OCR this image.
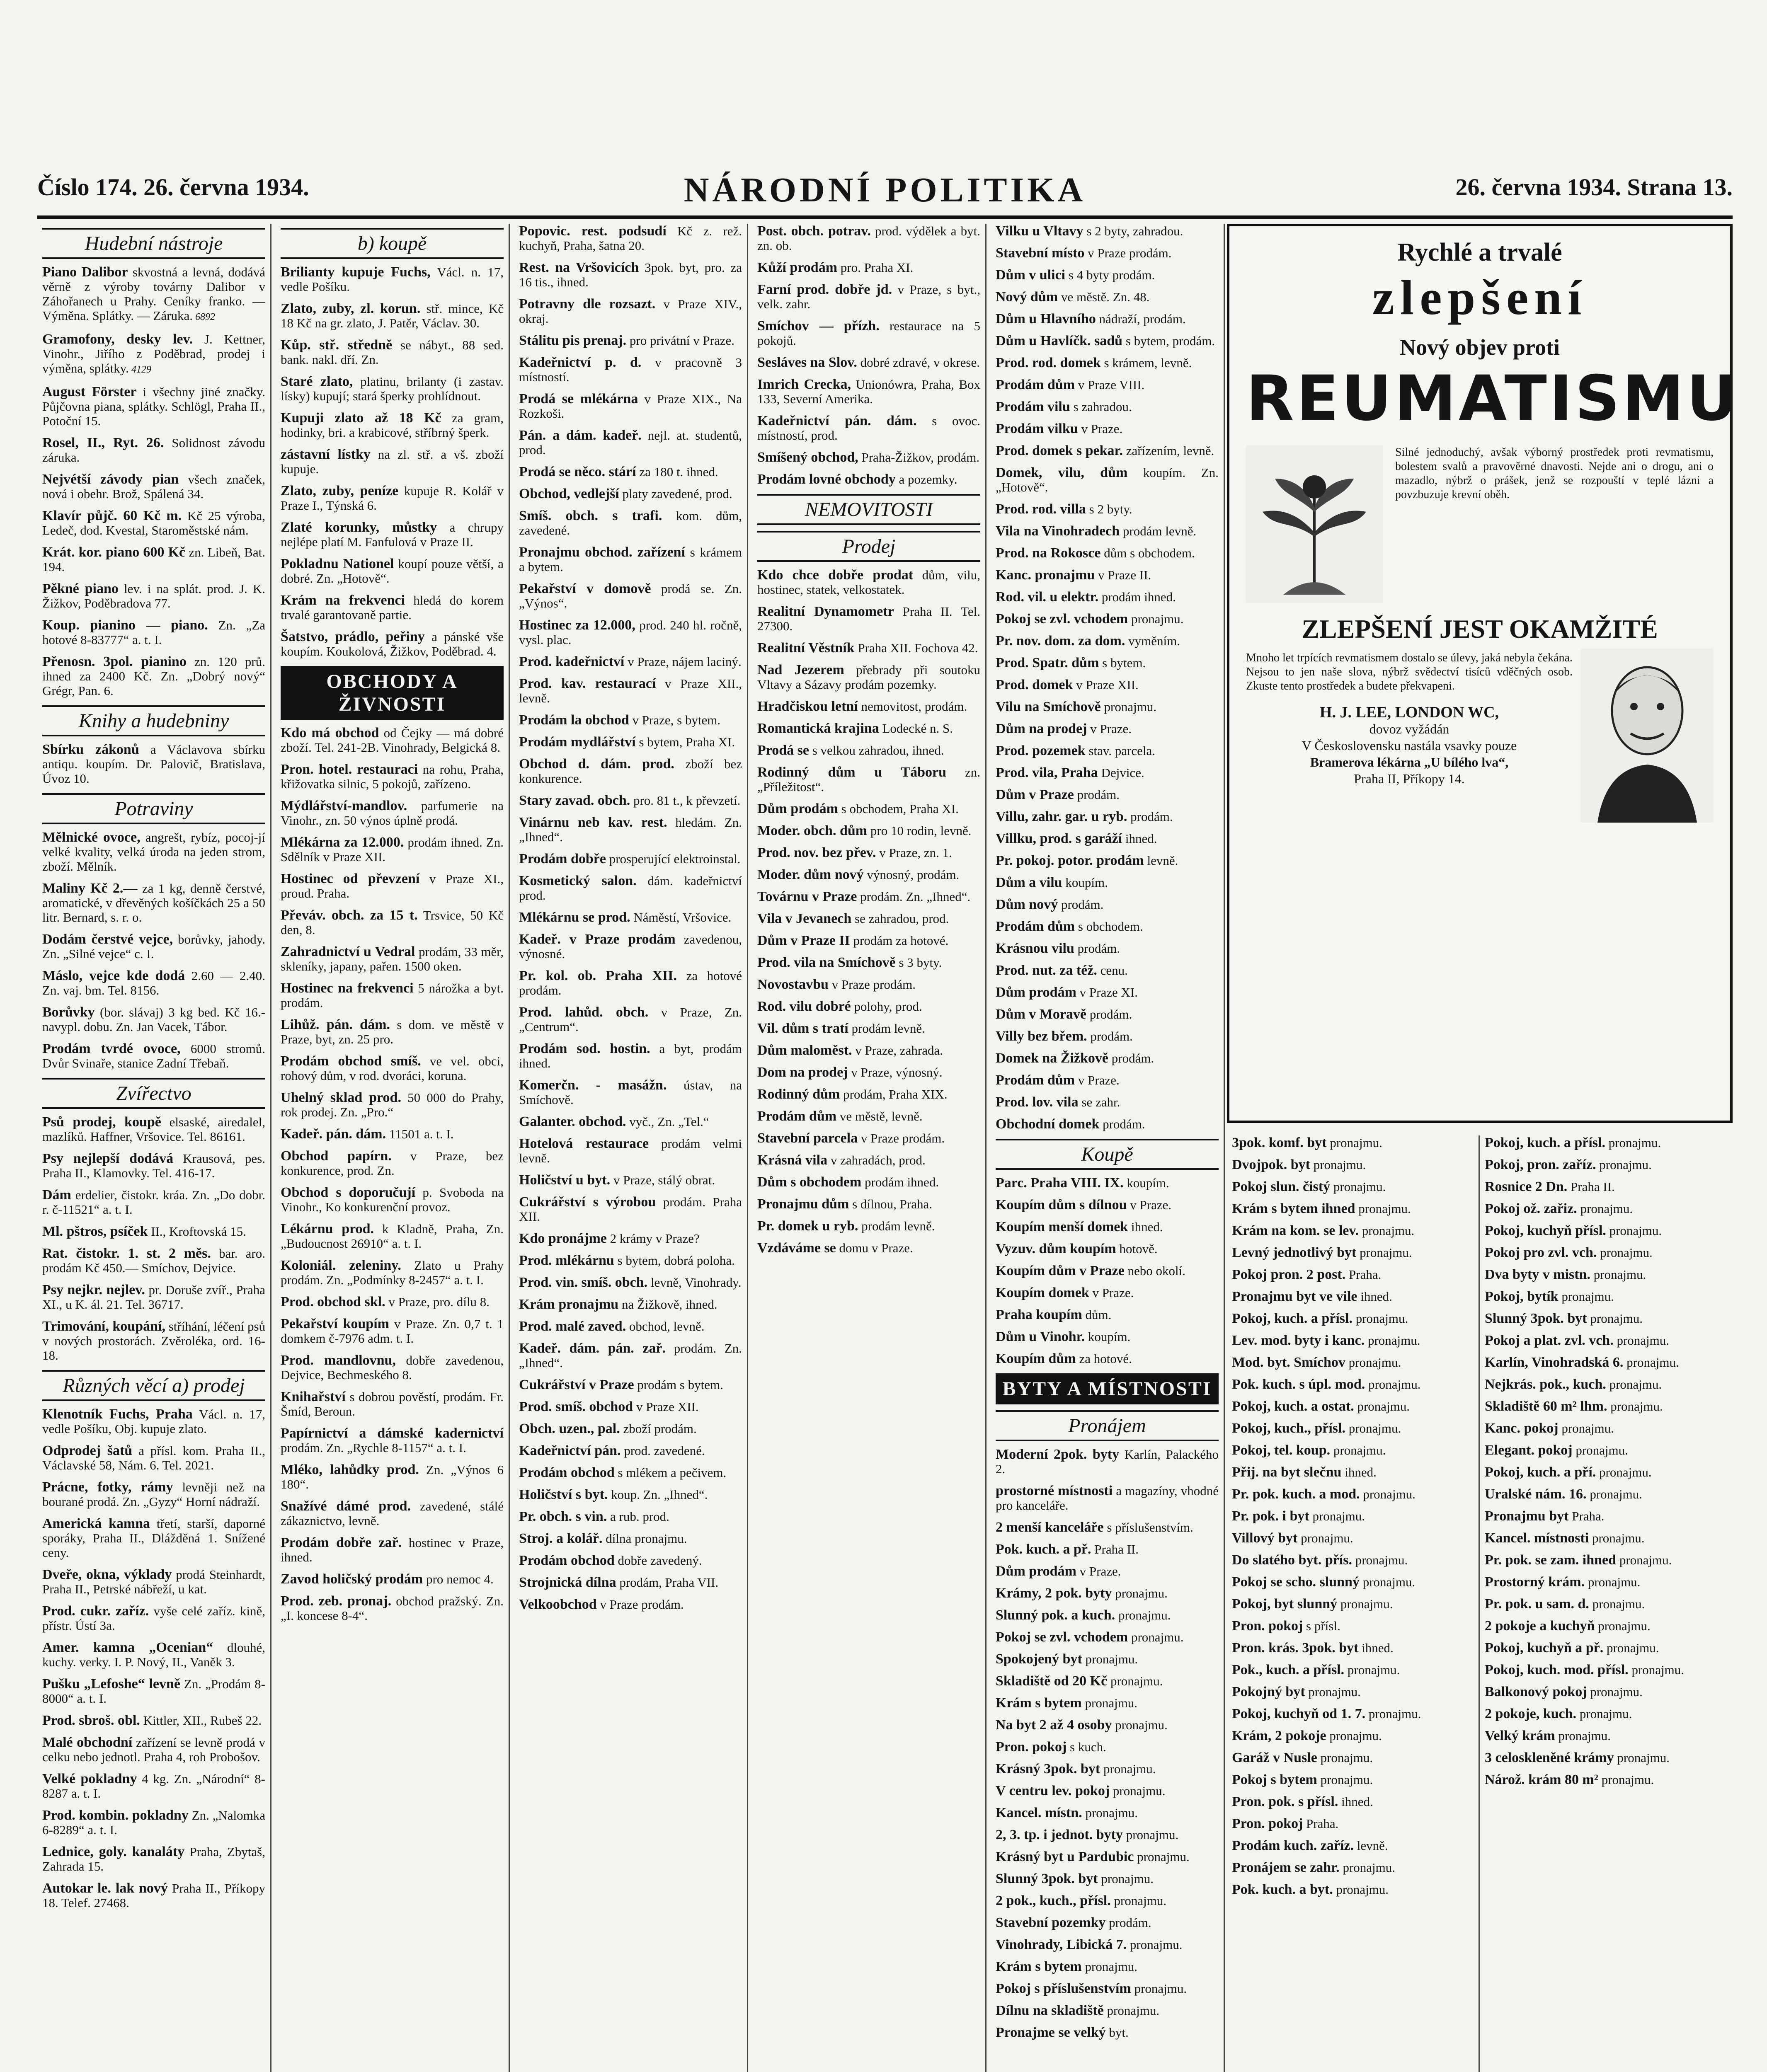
Číslo 174. 26. června 1934.	NÁRODNÍ POLITIKA	26. června 1934. Strana 13.
Hudební nástroje
Piano Dalibor skvostná a levná, dodává věrně z výroby továrny Dalibor v Záhořanech u Prahy. Ceníky franko. — Výměna. Splátky. — Záruka. 6892
Gramofony, desky lev. J. Kettner, Vinohr., Jiřího z Poděbrad, prodej i výměna, splátky. 4129
August Förster i všechny jiné značky. Půjčovna piana, splátky. Schlögl, Praha II., Potoční 15.
Rosel, II., Ryt. 26. Solidnost závodu záruka.
Nejvétší závody pian všech značek, nová i obehr. Brož, Spálená 34.
Klavír půjč. 60 Kč m. Kč 25 výroba, Ledeč, dod. Kvestal, Staroměstské nám.
Krát. kor. piano 600 Kč zn. Libeň, Bat. 194.
Pěkné piano lev. i na splát. prod. J. K. Žižkov, Poděbradova 77.
Koup. pianino — piano. Zn. „Za hotové 8-83777“ a. t. I.
Přenosn. 3pol. pianino zn. 120 prů. ihned za 2400 Kč. Zn. „Dobrý nový“ Grégr, Pan. 6.
Knihy a hudebniny
Sbírku zákonů a Václavova sbírku antiqu. koupím. Dr. Palovič, Bratislava, Úvoz 10.
Potraviny
Mělnické ovoce, angrešt, rybíz, pocoj-jí velké kvality, velká úroda na jeden strom, zboží. Mělník.
Maliny Kč 2.— za 1 kg, denně čerstvé, aromatické, v dřevěných košíčkách 25 a 50 litr. Bernard, s. r. o.
Dodám čerstvé vejce, borůvky, jahody. Zn. „Silné vejce“ c. I.
Máslo, vejce kde dodá 2.60 — 2.40. Zn. vaj. bm. Tel. 8156.
Borůvky (bor. slávaj) 3 kg bed. Kč 16.- navypl. dobu. Zn. Jan Vacek, Tábor.
Prodám tvrdé ovoce, 6000 stromů. Dvůr Svinaře, stanice Zadní Třebaň.
Zvířectvo
Psů prodej, koupě elsaské, airedalel, mazlíků. Haffner, Vršovice. Tel. 86161.
Psy nejlepší dodává Krausová, pes. Praha II., Klamovky. Tel. 416-17.
Dám erdelier, čistokr. kráa. Zn. „Do dobr. r. č-11521“ a. t. I.
Ml. pštros, psíček II., Kroftovská 15.
Rat. čistokr. 1. st. 2 měs. bar. aro. prodám Kč 450.— Smíchov, Dejvice.
Psy nejkr. nejlev. pr. Doruše zvíř., Praha XI., u K. ál. 21. Tel. 36717.
Trimování, koupání, stříhání, léčení psů v nových prostorách. Zvěroléka, ord. 16-18.
Různých věcí a) prodej
Klenotník Fuchs, Praha Václ. n. 17, vedle Pošíku, Obj. kupuje zlato.
Odprodej šatů a přísl. kom. Praha II., Václavské 58, Nám. 6. Tel. 2021.
Prácne, fotky, rámy levněji než na bourané prodá. Zn. „Gyzy“ Horní nádraží.
Americká kamna třetí, starší, daporné sporáky, Praha II., Dlážděná 1. Snížené ceny.
Dveře, okna, výklady prodá Steinhardt, Praha II., Petrské nábřeží, u kat.
Prod. cukr. zaříz. vyše celé zaříz. kině, přístr. Ústí 3a.
Amer. kamna „Ocenian“ dlouhé, kuchy. verky. I. P. Nový, II., Vaněk 3.
Pušku „Lefoshe“ levně Zn. „Prodám 8-8000“ a. t. I.
Prod. sbroš. obl. Kittler, XII., Rubeš 22.
Malé obchodní zařízení se levně prodá v celku nebo jednotl. Praha 4, roh Probošov.
Velké pokladny 4 kg. Zn. „Národní“ 8-8287 a. t. I.
Prod. kombin. pokladny Zn. „Nalomka 6-8289“ a. t. I.
Lednice, goly. kanaláty Praha, Zbytaš, Zahrada 15.
Autokar le. lak nový Praha II., Příkopy 18. Telef. 27468.
b) koupě
Brilianty kupuje Fuchs, Václ. n. 17, vedle Pošíku.
Zlato, zuby, zl. korun. stř. mince, Kč 18 Kč na gr. zlato, J. Patěr, Václav. 30.
Kůp. stř. středně se nábyt., 88 sed. bank. nakl. dří. Zn.
Staré zlato, platinu, brilanty (i zastav. lísky) kupují; stará šperky prohlídnout.
Kupuji zlato až 18 Kč za gram, hodinky, bri. a krabicové, stříbrný šperk.
zástavní lístky na zl. stř. a vš. zboží kupuje.
Zlato, zuby, peníze kupuje R. Kolář v Praze I., Týnská 6.
Zlaté korunky, můstky a chrupy nejlépe platí M. Fanfulová v Praze II.
Pokladnu Nationel koupí pouze větší, a dobré. Zn. „Hotově“.
Krám na frekvenci hledá do korem trvalé garantovaně partie.
Šatstvo, prádlo, peřiny a pánské vše koupím. Koukolová, Žižkov, Poděbrad. 4.
OBCHODY A ŽIVNOSTI
Kdo má obchod od Čejky — má dobré zboží. Tel. 241-2B. Vinohrady, Belgická 8.
Pron. hotel. restauraci na rohu, Praha, křižovatka silnic, 5 pokojů, zařízeno.
Mýdlářství-mandlov. parfumerie na Vinohr., zn. 50 výnos úplně prodá.
Mlékárna za 12.000. prodám ihned. Zn. Sdělník v Praze XII.
Hostinec od převzení v Praze XI., proud. Praha.
Převáv. obch. za 15 t. Trsvice, 50 Kč den, 8.
Zahradnictví u Vedral prodám, 33 měr, skleníky, japany, pařen. 1500 oken.
Hostinec na frekvenci 5 nárožka a byt. prodám.
Lihůž. pán. dám. s dom. ve městě v Praze, byt, zn. 25 pro.
Prodám obchod smíš. ve vel. obci, rohový dům, v rod. dvoráci, koruna.
Uhelný sklad prod. 50 000 do Prahy, rok prodej. Zn. „Pro.“
Kadeř. pán. dám. 11501 a. t. I.
Obchod papírn. v Praze, bez konkurence, prod. Zn.
Obchod s doporučují p. Svoboda na Vinohr., Ko konkurenční provoz.
Lékárnu prod. k Kladně, Praha, Zn. „Budoucnost 26910“ a. t. I.
Koloniál. zeleniny. Zlato u Prahy prodám. Zn. „Podmínky 8-2457“ a. t. I.
Prod. obchod skl. v Praze, pro. dílu 8.
Pekařství koupím v Praze. Zn. 0,7 t. 1 domkem č-7976 adm. t. I.
Prod. mandlovnu, dobře zavedenou, Dejvice, Bechmeského 8.
Knihařství s dobrou pověstí, prodám. Fr. Šmíd, Beroun.
Papírnictví a dámské kadernictví prodám. Zn. „Rychle 8-1157“ a. t. I.
Mléko, lahůdky prod. Zn. „Výnos 6 180“.
Snažívé dámé prod. zavedené, stálé zákaznictvo, levně.
Prodám dobře zař. hostinec v Praze, ihned.
Zavod holičský prodám pro nemoc 4.
Prod. zeb. pronaj. obchod pražský. Zn. „I. koncese 8-4“.
Popovic. rest. podsudí Kč z. rež. kuchyň, Praha, šatna 20.
Rest. na Vršovicích 3pok. byt, pro. za 16 tis., ihned.
Potravny dle rozsazt. v Praze XIV., okraj.
Stálitu pis prenaj. pro privátní v Praze.
Kadeřnictví p. d. v pracovně 3 místností.
Prodá se mlékárna v Praze XIX., Na Rozkoši.
Pán. a dám. kadeř. nejl. at. studentů, prod.
Prodá se něco. stárí za 180 t. ihned.
Obchod, vedlejší platy zavedené, prod.
Smíš. obch. s trafi. kom. dům, zavedené.
Pronajmu obchod. zařízení s krámem a bytem.
Pekařství v domově prodá se. Zn. „Výnos“.
Hostinec za 12.000, prod. 240 hl. ročně, vysl. plac.
Prod. kadeřnictví v Praze, nájem laciný.
Prod. kav. restaurací v Praze XII., levně.
Prodám la obchod v Praze, s bytem.
Prodám mydlářství s bytem, Praha XI.
Obchod d. dám. prod. zboží bez konkurence.
Stary zavad. obch. pro. 81 t., k převzetí.
Vinárnu neb kav. rest. hledám. Zn. „Ihned“.
Prodám dobře prosperující elektroinstal.
Kosmetický salon. dám. kadeřnictví prod.
Mlékárnu se prod. Náměstí, Vršovice.
Kadeř. v Praze prodám zavedenou, výnosné.
Pr. kol. ob. Praha XII. za hotové prodám.
Prod. lahůd. obch. v Praze, Zn. „Centrum“.
Prodám sod. hostin. a byt, prodám ihned.
Komerčn. - masážn. ústav, na Smíchově.
Galanter. obchod. vyč., Zn. „Tel.“
Hotelová restaurace prodám velmi levně.
Holičství u byt. v Praze, stálý obrat.
Cukrářství s výrobou prodám. Praha XII.
Kdo pronájme 2 krámy v Praze?
Prod. mlékárnu s bytem, dobrá poloha.
Prod. vin. smíš. obch. levně, Vinohrady.
Krám pronajmu na Žižkově, ihned.
Prod. malé zaved. obchod, levně.
Kadeř. dám. pán. zař. prodám. Zn. „Ihned“.
Cukrářství v Praze prodám s bytem.
Prod. smíš. obchod v Praze XII.
Obch. uzen., pal. zboží prodám.
Kadeřnictví pán. prod. zavedené.
Prodám obchod s mlékem a pečivem.
Holičství s byt. koup. Zn. „Ihned“.
Pr. obch. s vin. a rub. prod.
Stroj. a kolář. dílna pronajmu.
Prodám obchod dobře zavedený.
Strojnická dílna prodám, Praha VII.
Velkoobchod v Praze prodám.
Post. obch. potrav. prod. výdělek a byt. zn. ob.
Kůží prodám pro. Praha XI.
Farní prod. dobře jd. v Praze, s byt., velk. zahr.
Smíchov — přízh. restaurace na 5 pokojů.
Sesláves na Slov. dobré zdravé, v okrese.
Imrich Crecka, Unionówra, Praha, Box 133, Severní Amerika.
Kadeřnictví pán. dám. s ovoc. místností, prod.
Smíšený obchod, Praha-Žižkov, prodám.
Prodám lovné obchody a pozemky.
NEMOVITOSTI
Prodej
Kdo chce dobře prodat dům, vilu, hostinec, statek, velkostatek.
Realitní Dynamometr Praha II. Tel. 27300.
Realitní Věstník Praha XII. Fochova 42.
Nad Jezerem přebrady při soutoku Vltavy a Sázavy prodám pozemky.
Hradčiskou letní nemovitost, prodám.
Romantická krajina Lodecké n. S.
Prodá se s velkou zahradou, ihned.
Rodinný dům u Táboru zn. „Příležitost“.
Dům prodám s obchodem, Praha XI.
Moder. obch. dům pro 10 rodin, levně.
Prod. nov. bez přev. v Praze, zn. 1.
Moder. dům nový výnosný, prodám.
Továrnu v Praze prodám. Zn. „Ihned“.
Vila v Jevanech se zahradou, prod.
Dům v Praze II prodám za hotové.
Prod. vila na Smíchově s 3 byty.
Novostavbu v Praze prodám.
Rod. vilu dobré polohy, prod.
Vil. dům s tratí prodám levně.
Dům maloměst. v Praze, zahrada.
Dom na prodej v Praze, výnosný.
Rodinný dům prodám, Praha XIX.
Prodám dům ve městě, levně.
Stavební parcela v Praze prodám.
Krásná vila v zahradách, prod.
Dům s obchodem prodám ihned.
Pronajmu dům s dílnou, Praha.
Pr. domek u ryb. prodám levně.
Vzdáváme se domu v Praze.
Vilku u Vltavy s 2 byty, zahradou.
Stavební místo v Praze prodám.
Dům v ulici s 4 byty prodám.
Nový dům ve městě. Zn. 48.
Dům u Hlavního nádraží, prodám.
Dům u Havlíčk. sadů s bytem, prodám.
Prod. rod. domek s krámem, levně.
Prodám dům v Praze VIII.
Prodám vilu s zahradou.
Prodám vilku v Praze.
Prod. domek s pekar. zařízením, levně.
Domek, vilu, dům koupím. Zn. „Hotově“.
Prod. rod. villa s 2 byty.
Vila na Vinohradech prodám levně.
Prod. na Rokosce dům s obchodem.
Kanc. pronajmu v Praze II.
Rod. vil. u elektr. prodám ihned.
Pokoj se zvl. vchodem pronajmu.
Pr. nov. dom. za dom. vyměním.
Prod. Spatr. dům s bytem.
Prod. domek v Praze XII.
Vilu na Smíchově pronajmu.
Dům na prodej v Praze.
Prod. pozemek stav. parcela.
Prod. vila, Praha Dejvice.
Dům v Praze prodám.
Villu, zahr. gar. u ryb. prodám.
Villku, prod. s garáží ihned.
Pr. pokoj. potor. prodám levně.
Dům a vilu koupím.
Dům nový prodám.
Prodám dům s obchodem.
Krásnou vilu prodám.
Prod. nut. za též. cenu.
Dům prodám v Praze XI.
Dům v Moravě prodám.
Villy bez břem. prodám.
Domek na Žižkově prodám.
Prodám dům v Praze.
Prod. lov. vila se zahr.
Obchodní domek prodám.
Koupě
Parc. Praha VIII. IX. koupím.
Koupím dům s dílnou v Praze.
Koupím menší domek ihned.
Vyzuv. dům koupím hotově.
Koupím dům v Praze nebo okolí.
Koupím domek v Praze.
Praha koupím dům.
Dům u Vinohr. koupím.
Koupím dům za hotové.
BYTY A MÍSTNOSTI
Pronájem
Moderní 2pok. byty Karlín, Palackého 2.
prostorné místnosti a magazíny, vhodné pro kanceláře.
2 menší kanceláře s příslušenstvím.
Pok. kuch. a př. Praha II.
Dům prodám v Praze.
Krámy, 2 pok. byty pronajmu.
Slunný pok. a kuch. pronajmu.
Pokoj se zvl. vchodem pronajmu.
Spokojený byt pronajmu.
Skladiště od 20 Kč pronajmu.
Krám s bytem pronajmu.
Na byt 2 až 4 osoby pronajmu.
Pron. pokoj s kuch.
Krásný 3pok. byt pronajmu.
V centru lev. pokoj pronajmu.
Kancel. místn. pronajmu.
2, 3. tp. i jednot. byty pronajmu.
Krásný byt u Pardubic pronajmu.
Slunný 3pok. byt pronajmu.
2 pok., kuch., přísl. pronajmu.
Stavební pozemky prodám.
Vinohrady, Libická 7. pronajmu.
Krám s bytem pronajmu.
Pokoj s příslušenstvím pronajmu.
Dílnu na skladiště pronajmu.
Pronajme se velký byt.
Rychlé a trvalé
zlepšení
Nový objev proti
REUMATISMU
Silné jednoduchý, avšak výborný prostředek proti revmatismu, bolestem svalů a pravověrné dnavosti. Nejde ani o drogu, ani o mazadlo, nýbrž o prášek, jenž se rozpouští v teplé lázni a povzbuzuje krevní oběh.
ZLEPŠENÍ JEST OKAMŽITÉ
Mnoho let trpících revmatismem dostalo se úlevy, jaká nebyla čekána. Nejsou to jen naše slova, nýbrž svědectví tisíců vděčných osob. Zkuste tento prostředek a budete překvapeni.
H. J. LEE, LONDON WC,
dovoz vyžádán
V Československu nastála vsavky pouze
Bramerova lékárna „U bílého lva“,
Praha II, Příkopy 14.
3pok. komf. byt pronajmu.
Dvojpok. byt pronajmu.
Pokoj slun. čistý pronajmu.
Krám s bytem ihned pronajmu.
Krám na kom. se lev. pronajmu.
Levný jednotlivý byt pronajmu.
Pokoj pron. 2 post. Praha.
Pronajmu byt ve vile ihned.
Pokoj, kuch. a přísl. pronajmu.
Lev. mod. byty i kanc. pronajmu.
Mod. byt. Smíchov pronajmu.
Pok. kuch. s úpl. mod. pronajmu.
Pokoj, kuch. a ostat. pronajmu.
Pokoj, kuch., přísl. pronajmu.
Pokoj, tel. koup. pronajmu.
Přij. na byt slečnu ihned.
Pr. pok. kuch. a mod. pronajmu.
Pr. pok. i byt pronajmu.
Villový byt pronajmu.
Do slatého byt. přís. pronajmu.
Pokoj se scho. slunný pronajmu.
Pokoj, byt slunný pronajmu.
Pron. pokoj s přísl.
Pron. krás. 3pok. byt ihned.
Pok., kuch. a přísl. pronajmu.
Pokojný byt pronajmu.
Pokoj, kuchyň od 1. 7. pronajmu.
Krám, 2 pokoje pronajmu.
Garáž v Nusle pronajmu.
Pokoj s bytem pronajmu.
Pron. pok. s přísl. ihned.
Pron. pokoj Praha.
Prodám kuch. zaříz. levně.
Pronájem se zahr. pronajmu.
Pok. kuch. a byt. pronajmu.
Pokoj, kuch. a přísl. pronajmu.
Pokoj, pron. zaříz. pronajmu.
Rosnice 2 Dn. Praha II.
Pokoj ož. zařiz. pronajmu.
Pokoj, kuchyň přísl. pronajmu.
Pokoj pro zvl. vch. pronajmu.
Dva byty v mistn. pronajmu.
Pokoj, bytík pronajmu.
Slunný 3pok. byt pronajmu.
Pokoj a plat. zvl. vch. pronajmu.
Karlín, Vinohradská 6. pronajmu.
Nejkrás. pok., kuch. pronajmu.
Skladiště 60 m² lhm. pronajmu.
Kanc. pokoj pronajmu.
Elegant. pokoj pronajmu.
Pokoj, kuch. a pří. pronajmu.
Uralské nám. 16. pronajmu.
Pronajmu byt Praha.
Kancel. místnosti pronajmu.
Pr. pok. se zam. ihned pronajmu.
Prostorný krám. pronajmu.
Pr. pok. u sam. d. pronajmu.
2 pokoje a kuchyň pronajmu.
Pokoj, kuchyň a př. pronajmu.
Pokoj, kuch. mod. přísl. pronajmu.
Balkonový pokoj pronajmu.
2 pokoje, kuch. pronajmu.
Velký krám pronajmu.
3 celoskleněné krámy pronajmu.
Nárož. krám 80 m² pronajmu.
